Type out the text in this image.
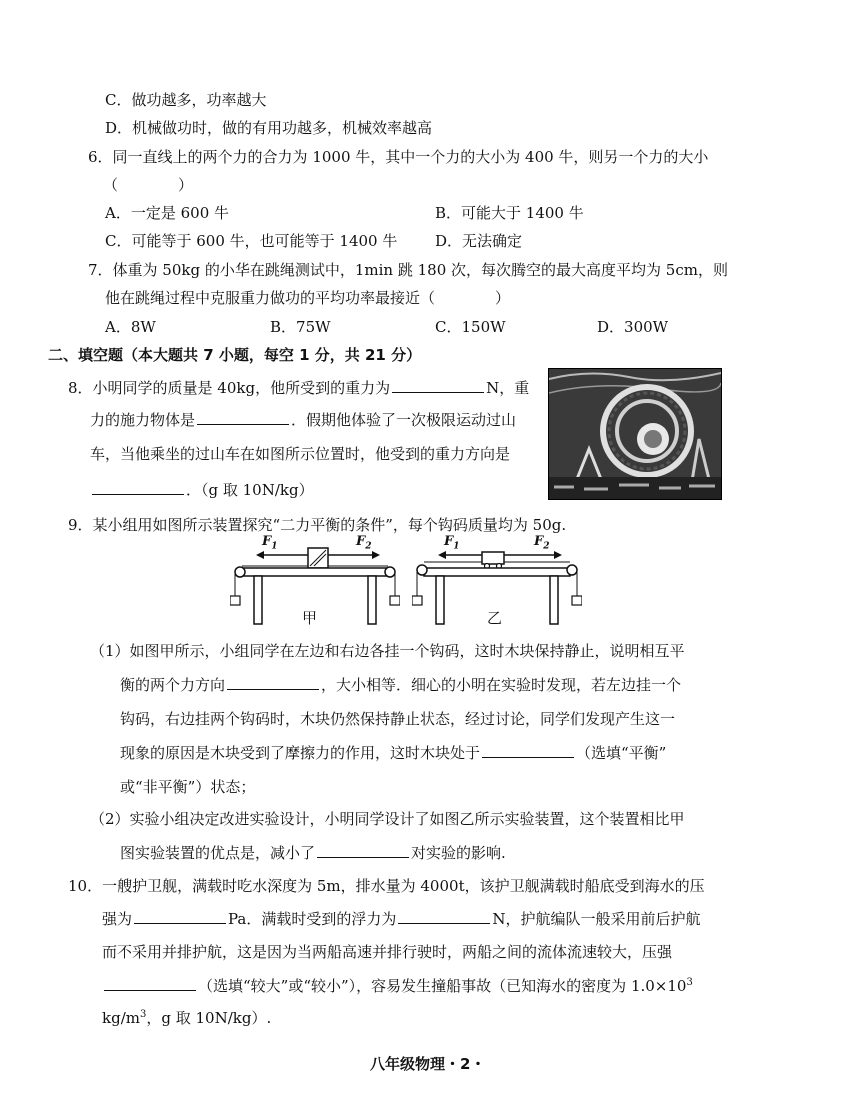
C．做功越多，功率越大
D．机械做功时，做的有用功越多，机械效率越高
6．同一直线上的两个力的合力为 1000 牛，其中一个力的大小为 400 牛，则另一个力的大小
（　　　　）
A．一定是 600 牛	B．可能大于 1400 牛
C．可能等于 600 牛，也可能等于 1400 牛	D．无法确定
7．体重为 50kg 的小华在跳绳测试中，1min 跳 180 次，每次腾空的最大高度平均为 5cm，则
他在跳绳过程中克服重力做功的平均功率最接近（　　　　）
A．8W	B．75W	C．150W	D．300W
二、填空题（本大题共 7 小题，每空 1 分，共 21 分）
8．小明同学的质量是 40kg，他所受到的重力为	N，重
力的施力物体是	．假期他体验了一次极限运动过山
车，当他乘坐的过山车在如图所示位置时，他受到的重力方向是
．（g 取 10N/kg）
9．某小组用如图所示装置探究“二力平衡的条件”，每个钩码质量均为 50g.
$F_1$	$F_2$
甲
$F_1$	$F_2$
乙
（1）如图甲所示，小组同学在左边和右边各挂一个钩码，这时木块保持静止，说明相互平
衡的两个力方向	，大小相等．细心的小明在实验时发现，若左边挂一个
钩码，右边挂两个钩码时，木块仍然保持静止状态，经过讨论，同学们发现产生这一
现象的原因是木块受到了摩擦力的作用，这时木块处于	（选填“平衡”
或“非平衡”）状态；
（2）实验小组决定改进实验设计，小明同学设计了如图乙所示实验装置，这个装置相比甲
图实验装置的优点是，减小了	对实验的影响.
10．一艘护卫舰，满载时吃水深度为 5m，排水量为 4000t，该护卫舰满载时船底受到海水的压
强为	Pa．满载时受到的浮力为	N，护航编队一般采用前后护航
而不采用并排护航，这是因为当两船高速并排行驶时，两船之间的流体流速较大，压强
（选填“较大”或“较小”），容易发生撞船事故（已知海水的密度为 $1.0\times 10^3$
$kg/m^3$，g 取 10N/kg）.
八年级物理・2・
